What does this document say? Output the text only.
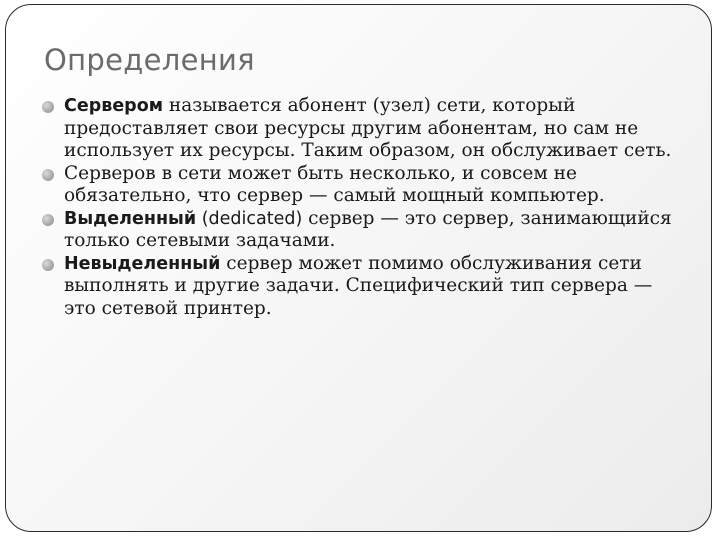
Определения
Сервером называется абонент (узел) сети, который предоставляет свои ресурсы другим абонентам, но сам не использует их ресурсы. Таким образом, он обслуживает сеть.
Серверов в сети может быть несколько, и совсем не обязательно, что сервер — самый мощный компьютер.
Выделенный (dedicated) сервер — это сервер, занимающийся только сетевыми задачами.
Невыделенный сервер может помимо обслуживания сети выполнять и другие задачи. Специфический тип сервера — это сетевой принтер.
